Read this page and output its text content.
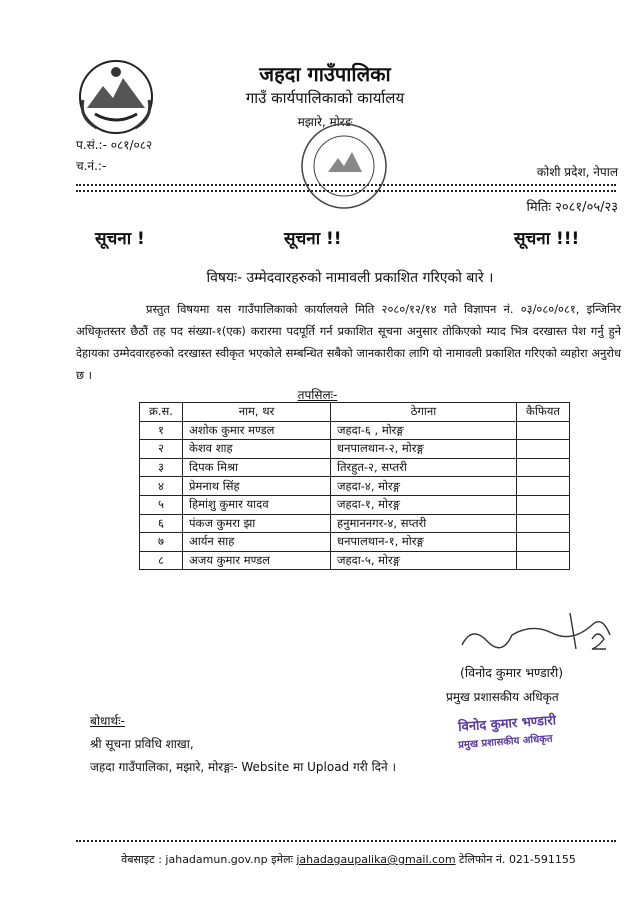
जहदा गाउँपालिका
गाउँ कार्यपालिकाको कार्यालय
मझारे, मोरङ
प.सं.:- ०८१/०८२
च.नं.:-	कोशी प्रदेश, नेपाल
मितिः २०८१/०५/२३
सूचना !	सूचना !!	सूचना !!!
विषयः- उम्मेदवारहरुको नामावली प्रकाशित गरिएको बारे ।
प्रस्तुत विषयमा यस गाउँपालिकाको कार्यालयले मिति २०८०/१२/१४ गते विज्ञापन नं. ०३/०८०/०८१, इन्जिनिर अधिकृतस्तर छैठौं तह पद संख्या-१(एक) करारमा पदपूर्ति गर्न प्रकाशित सूचना अनुसार तोकिएको म्याद भित्र दरखास्त पेश गर्नु हुने देहायका उम्मेदवारहरुको दरखास्त स्वीकृत भएकोले सम्बन्धित सबैको जानकारीका लागि यो नामावली प्रकाशित गरिएको व्यहोरा अनुरोध छ ।
तपसिलः-
क्र.स.	नाम, थर	ठेगाना	कैफियत
१	अशोक कुमार मण्डल	जहदा-६ , मोरङ्ग	
२	केशव शाह	धनपालथान-२, मोरङ्ग	
३	दिपक मिश्रा	तिरहुत-२, सप्तरी	
४	प्रेमनाथ सिंह	जहदा-४, मोरङ्ग	
५	हिमांशु कुमार यादव	जहदा-१, मोरङ्ग	
६	पंकज कुमरा झा	हनुमाननगर-४, सप्तरी	
७	आर्यन साह	धनपालथान-१, मोरङ्ग	
८	अजय कुमार मण्डल	जहदा-५, मोरङ्ग	
(विनोद कुमार भण्डारी)
प्रमुख प्रशासकीय अधिकृत
विनोद कुमार भण्डारी
प्रमुख प्रशासकीय अधिकृत
बोधार्थः-
श्री सूचना प्रविधि शाखा,
जहदा गाउँपालिका, मझारे, मोरङ्गः- Website मा Upload गरी दिने ।
वेबसाइट : jahadamun.gov.np इमेलः jahadagaupalika@gmail.com टेलिफोन नं. 021-591155
